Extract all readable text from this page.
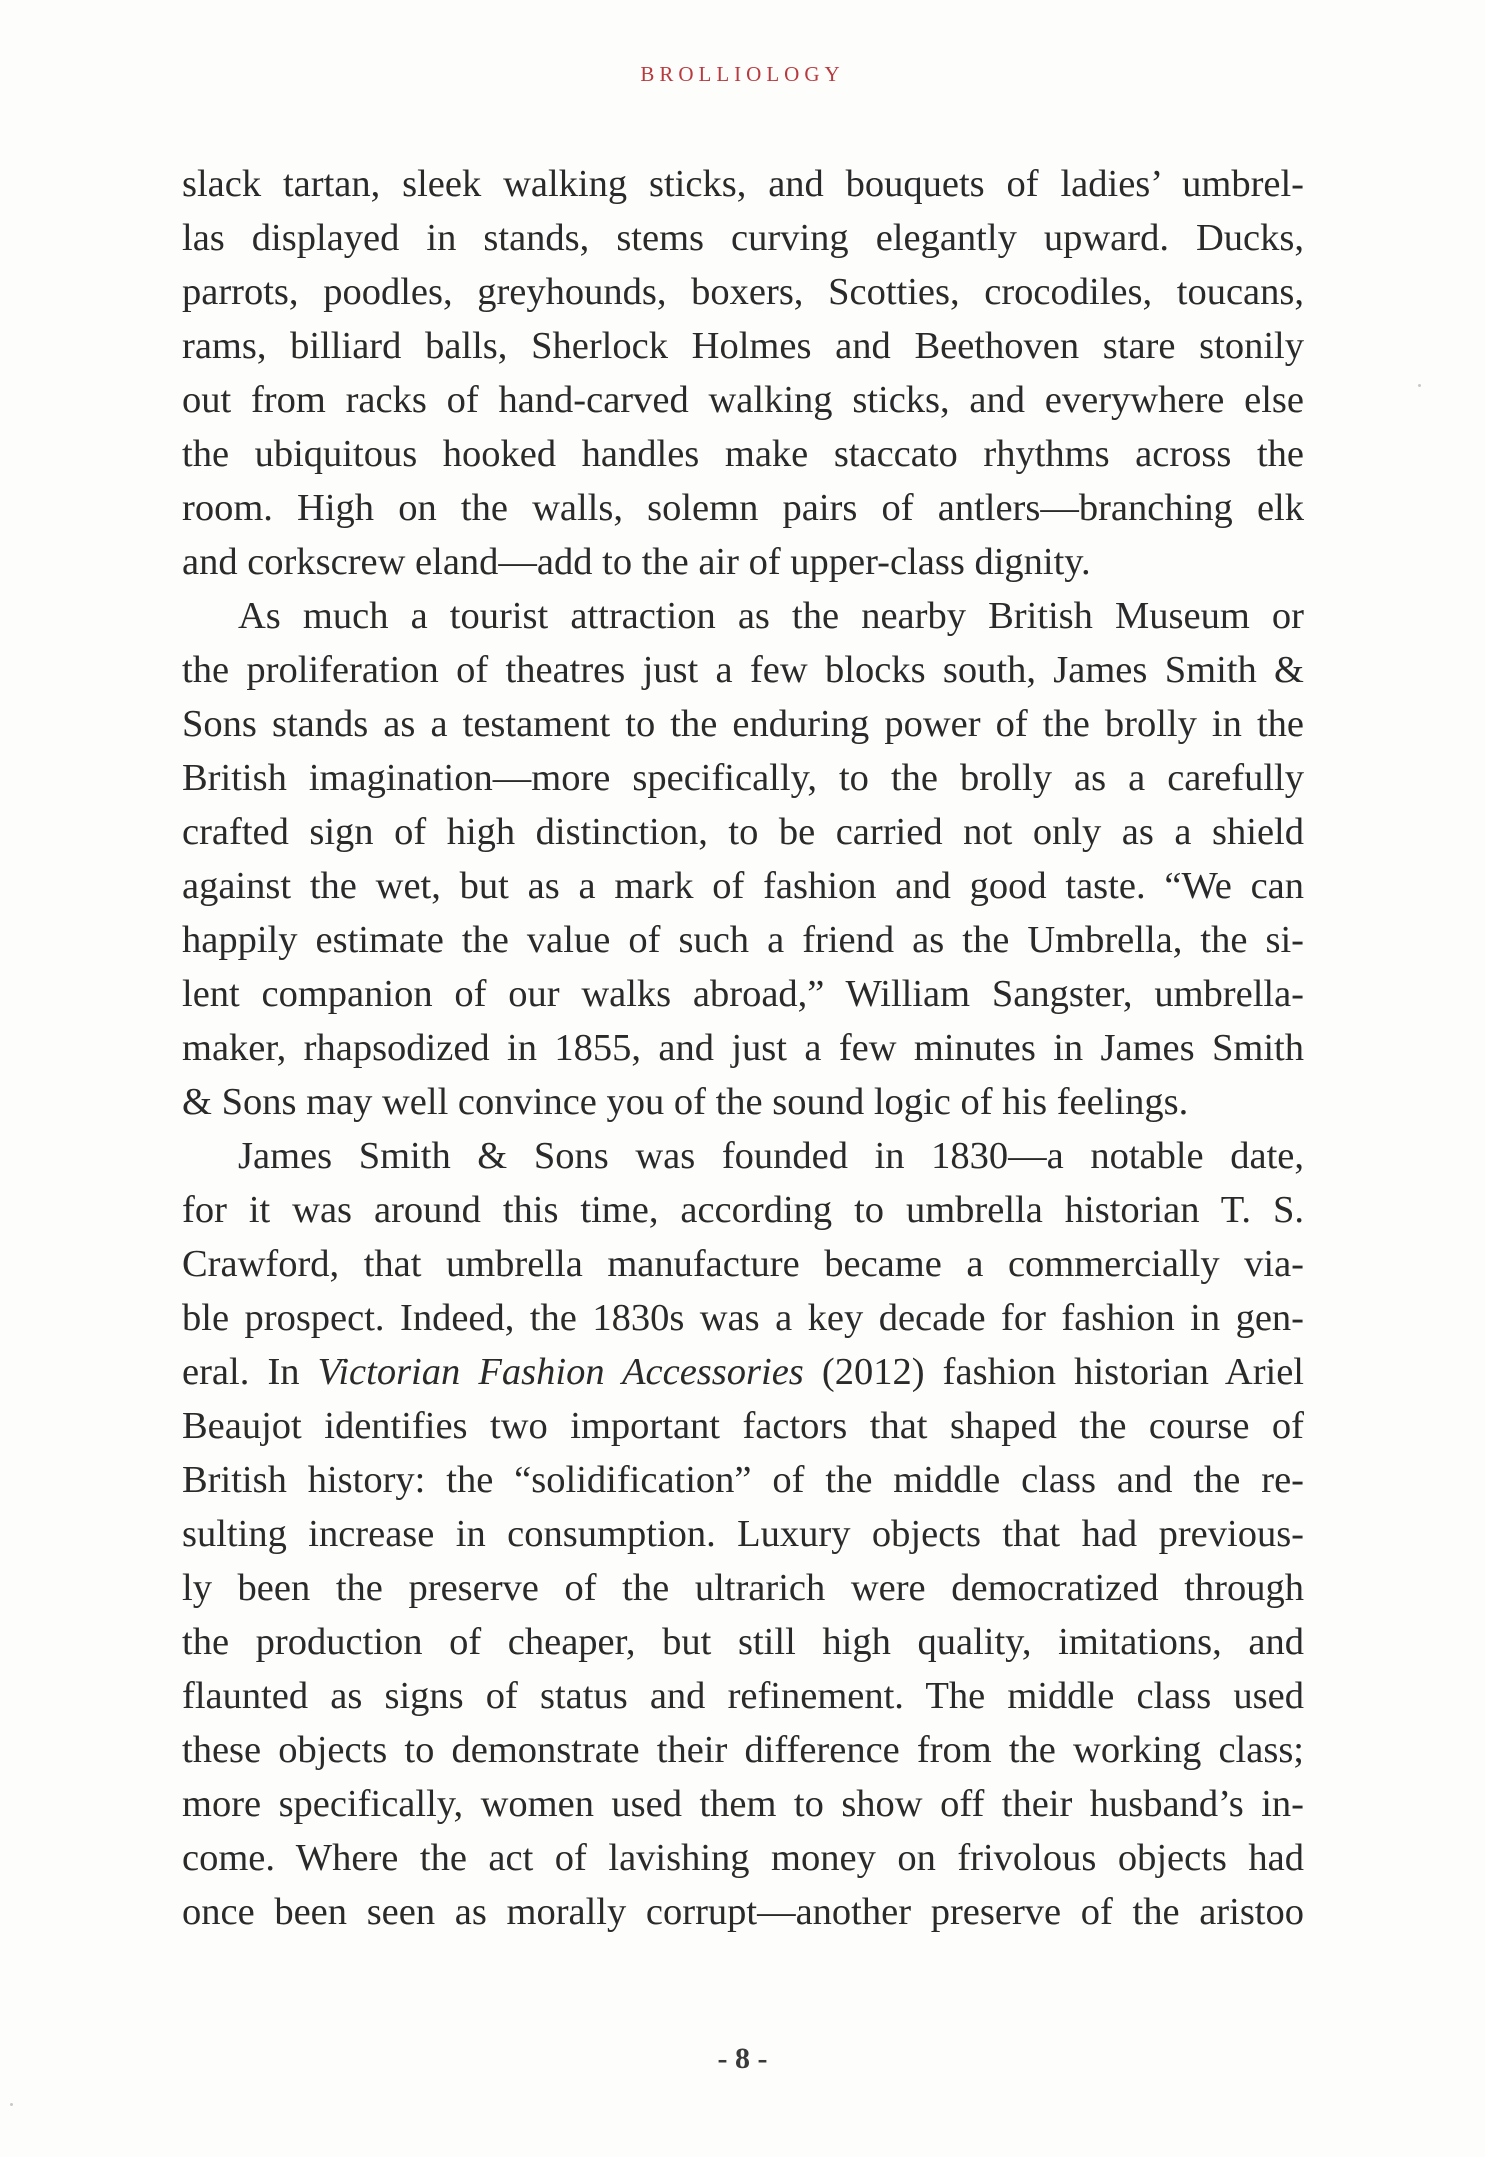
BROLLIOLOGY
slack tartan, sleek walking sticks, and bouquets of ladies’ umbrel-
las displayed in stands, stems curving elegantly upward. Ducks,
parrots, poodles, greyhounds, boxers, Scotties, crocodiles, toucans,
rams, billiard balls, Sherlock Holmes and Beethoven stare stonily
out from racks of hand-carved walking sticks, and everywhere else
the ubiquitous hooked handles make staccato rhythms across the
room. High on the walls, solemn pairs of antlers—branching elk
and corkscrew eland—add to the air of upper-class dignity.
As much a tourist attraction as the nearby British Museum or
the proliferation of theatres just a few blocks south, James Smith &
Sons stands as a testament to the enduring power of the brolly in the
British imagination—more specifically, to the brolly as a carefully
crafted sign of high distinction, to be carried not only as a shield
against the wet, but as a mark of fashion and good taste. “We can
happily estimate the value of such a friend as the Umbrella, the si-
lent companion of our walks abroad,” William Sangster, umbrella-
maker, rhapsodized in 1855, and just a few minutes in James Smith
& Sons may well convince you of the sound logic of his feelings.
James Smith & Sons was founded in 1830—a notable date,
for it was around this time, according to umbrella historian T. S.
Crawford, that umbrella manufacture became a commercially via-
ble prospect. Indeed, the 1830s was a key decade for fashion in gen-
eral. In Victorian Fashion Accessories (2012) fashion historian Ariel
Beaujot identifies two important factors that shaped the course of
British history: the “solidification” of the middle class and the re-
sulting increase in consumption. Luxury objects that had previous-
ly been the preserve of the ultrarich were democratized through
the production of cheaper, but still high quality, imitations, and
flaunted as signs of status and refinement. The middle class used
these objects to demonstrate their difference from the working class;
more specifically, women used them to show off their husband’s in-
come. Where the act of lavishing money on frivolous objects had
once been seen as morally corrupt—another preserve of the aristoo
- 8 -
